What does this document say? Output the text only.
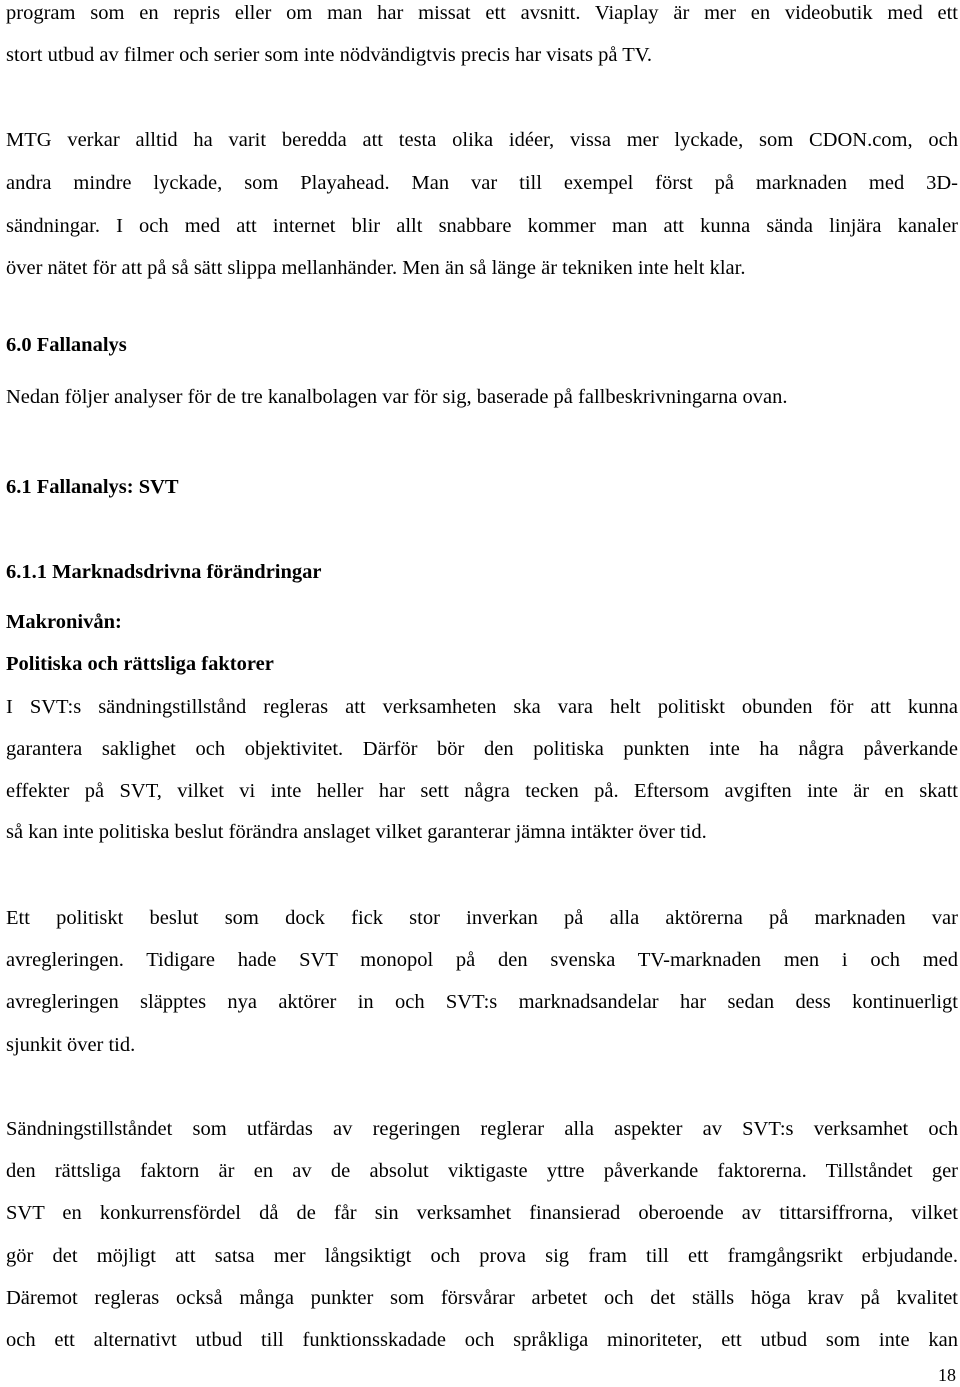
program som en repris eller om man har missat ett avsnitt. Viaplay är mer en videobutik med ett
stort utbud av filmer och serier som inte nödvändigtvis precis har visats på TV.
MTG verkar alltid ha varit beredda att testa olika idéer, vissa mer lyckade, som CDON.com, och
andra mindre lyckade, som Playahead. Man var till exempel först på marknaden med 3D-
sändningar. I och med att internet blir allt snabbare kommer man att kunna sända linjära kanaler
över nätet för att på så sätt slippa mellanhänder. Men än så länge är tekniken inte helt klar.
6.0 Fallanalys
Nedan följer analyser för de tre kanalbolagen var för sig, baserade på fallbeskrivningarna ovan.
6.1 Fallanalys: SVT
6.1.1 Marknadsdrivna förändringar
Makronivån:
Politiska och rättsliga faktorer
I SVT:s sändningstillstånd regleras att verksamheten ska vara helt politiskt obunden för att kunna
garantera saklighet och objektivitet. Därför bör den politiska punkten inte ha några påverkande
effekter på SVT, vilket vi inte heller har sett några tecken på. Eftersom avgiften inte är en skatt
så kan inte politiska beslut förändra anslaget vilket garanterar jämna intäkter över tid.
Ett politiskt beslut som dock fick stor inverkan på alla aktörerna på marknaden var
avregleringen. Tidigare hade SVT monopol på den svenska TV-marknaden men i och med
avregleringen släpptes nya aktörer in och SVT:s marknadsandelar har sedan dess kontinuerligt
sjunkit över tid.
Sändningstillståndet som utfärdas av regeringen reglerar alla aspekter av SVT:s verksamhet och
den rättsliga faktorn är en av de absolut viktigaste yttre påverkande faktorerna. Tillståndet ger
SVT en konkurrensfördel då de får sin verksamhet finansierad oberoende av tittarsiffrorna, vilket
gör det möjligt att satsa mer långsiktigt och prova sig fram till ett framgångsrikt erbjudande.
Däremot regleras också många punkter som försvårar arbetet och det ställs höga krav på kvalitet
och ett alternativt utbud till funktionsskadade och språkliga minoriteter, ett utbud som inte kan
18
